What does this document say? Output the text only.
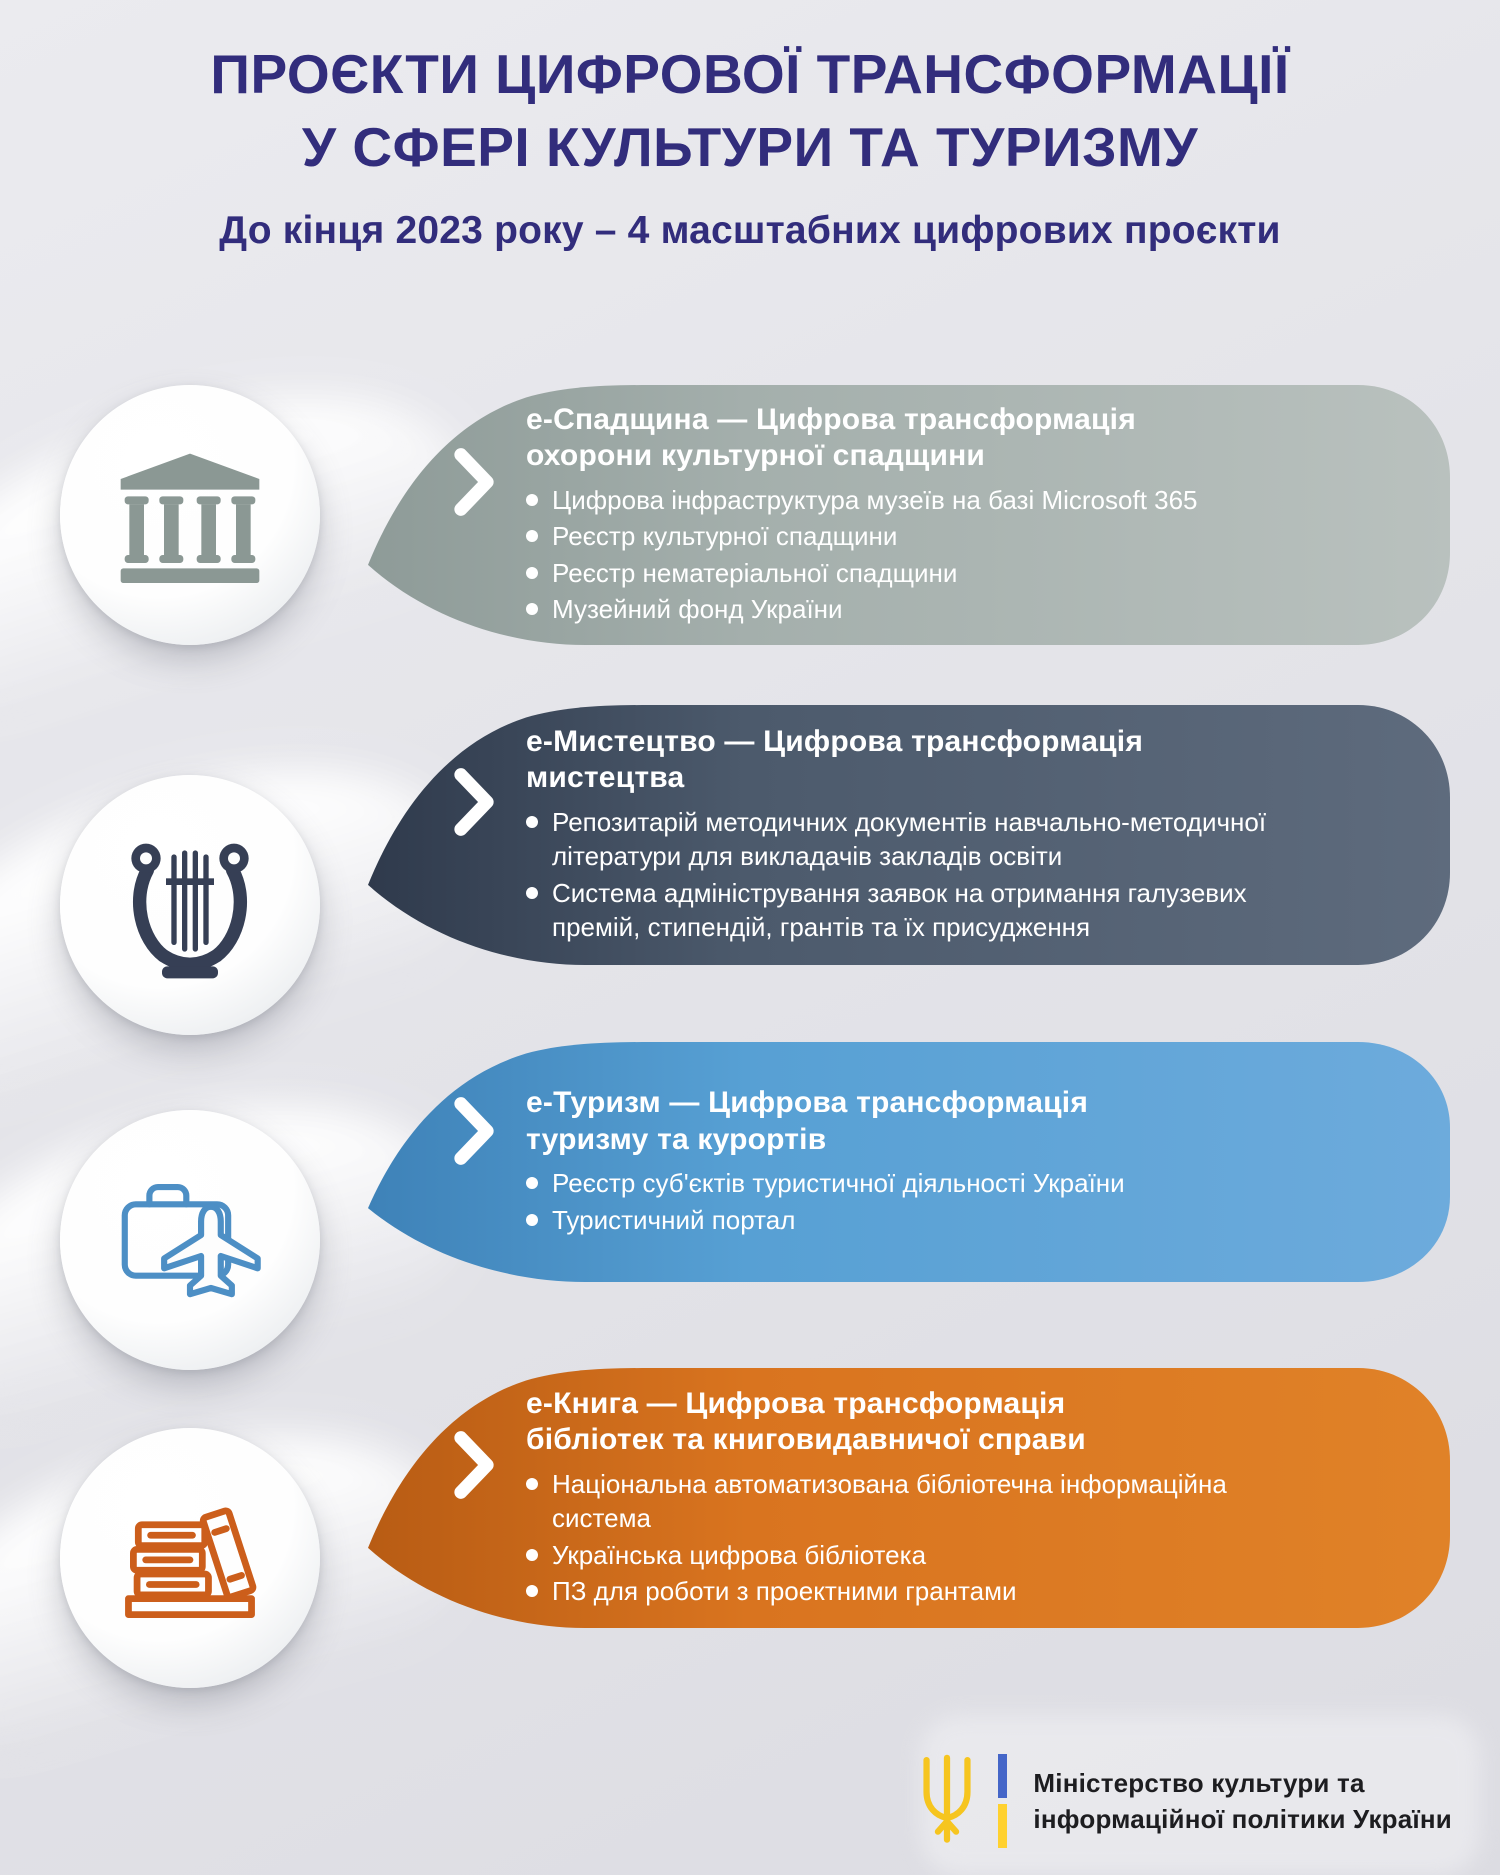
ПРОЄКТИ ЦИФРОВОЇ ТРАНСФОРМАЦІЇ
У СФЕРІ КУЛЬТУРИ ТА ТУРИЗМУ

До кінця 2023 року – 4 масштабних цифрових проєкти

е-Спадщина — Цифрова трансформація
охорони культурної спадщини
Цифрова інфраструктура музеїв на базі Microsoft 365
Реєстр культурної спадщини
Реєстр нематеріальної спадщини
Музейний фонд України
е-Мистецтво — Цифрова трансформація
мистецтва
Репозитарій методичних документів навчально-методичної літератури для викладачів закладів освіти
Система адміністрування заявок на отримання галузевих премій, стипендій, грантів та їх присудження
е-Туризм — Цифрова трансформація
туризму та курортів
Реєстр суб'єктів туристичної діяльності України
Туристичний портал
е-Книга — Цифрова трансформація
бібліотек та книговидавничої справи
Національна автоматизована бібліотечна інформаційна система
Українська цифрова бібліотека
ПЗ для роботи з проектними грантами
Міністерство культури та
інформаційної політики України
